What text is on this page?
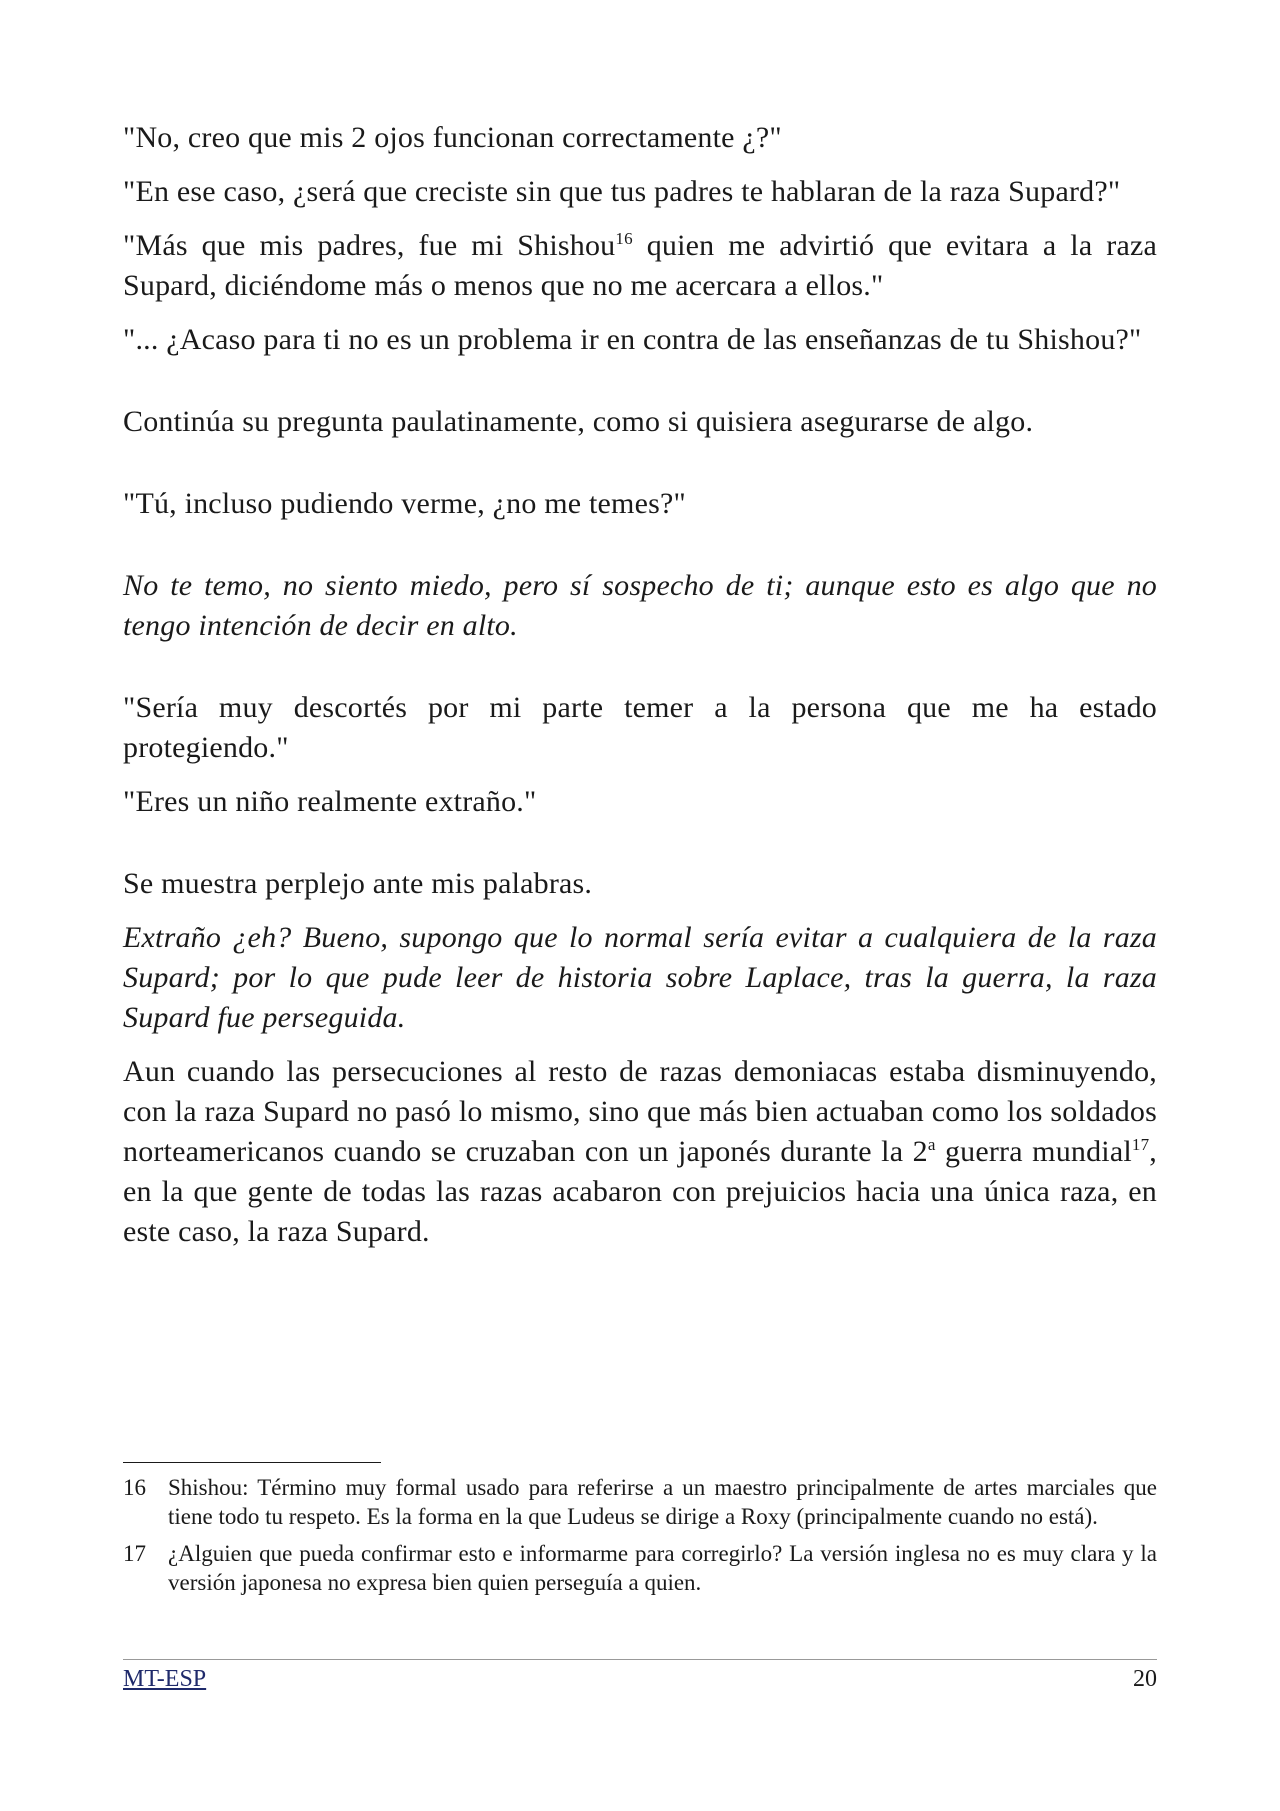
"No, creo que mis 2 ojos funcionan correctamente ¿?"

"En ese caso, ¿será que creciste sin que tus padres te hablaran de la raza Supard?"

"Más que mis padres, fue mi Shishou$^{16}$ quien me advirtió que evitara a la raza Supard, diciéndome más o menos que no me acercara a ellos."

"... ¿Acaso para ti no es un problema ir en contra de las enseñanzas de tu Shishou?"

Continúa su pregunta paulatinamente, como si quisiera asegurarse de algo.

"Tú, incluso pudiendo verme, ¿no me temes?"

No te temo, no siento miedo, pero sí sospecho de ti; aunque esto es algo que no tengo intención de decir en alto.

"Sería muy descortés por mi parte temer a la persona que me ha estado protegiendo."

"Eres un niño realmente extraño."

Se muestra perplejo ante mis palabras.

Extraño ¿eh? Bueno, supongo que lo normal sería evitar a cualquiera de la raza Supard; por lo que pude leer de historia sobre Laplace, tras la guerra, la raza Supard fue perseguida.

Aun cuando las persecuciones al resto de razas demoniacas estaba disminuyendo, con la raza Supard no pasó lo mismo, sino que más bien actuaban como los soldados norteamericanos cuando se cruzaban con un japonés durante la 2$^a$ guerra mundial$^{17}$, en la que gente de todas las razas acabaron con prejuicios hacia una única raza, en este caso, la raza Supard.

16 Shishou: Término muy formal usado para referirse a un maestro principalmente de artes marciales que tiene todo tu respeto. Es la forma en la que Ludeus se dirige a Roxy (principalmente cuando no está).
17 ¿Alguien que pueda confirmar esto e informarme para corregirlo? La versión inglesa no es muy clara y la versión japonesa no expresa bien quien perseguía a quien.
MT-ESP	20
